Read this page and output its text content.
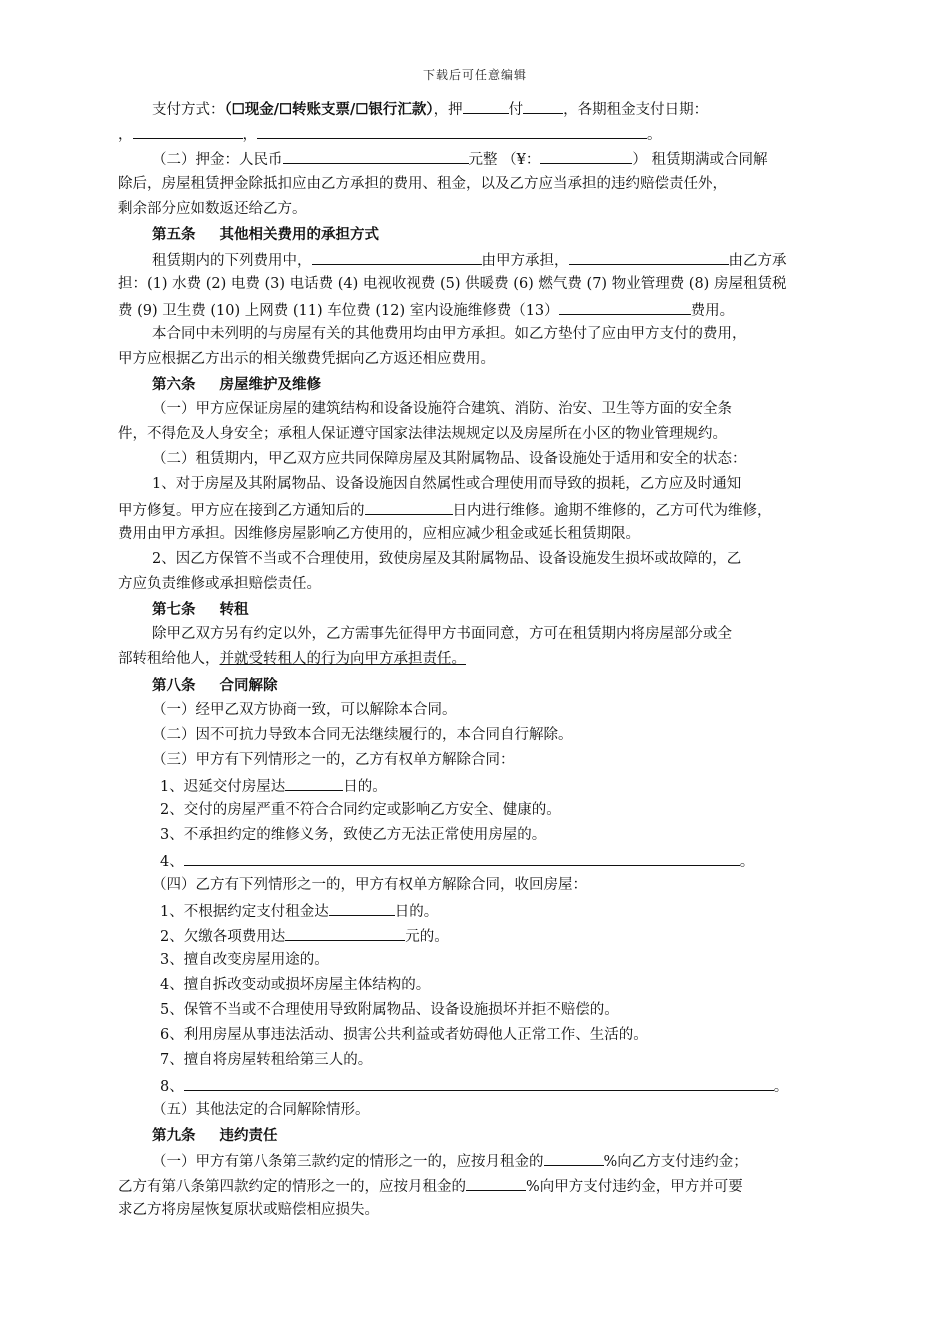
下载后可任意编辑
支付方式：（☐现金/☐转账支票/☐银行汇款），押	付	，各期租金支付日期：
，	，	。
（二）押金：人民币	元整 （¥：	） 租赁期满或合同解
除后，房屋租赁押金除抵扣应由乙方承担的费用、租金，以及乙方应当承担的违约赔偿责任外，
剩余部分应如数返还给乙方。
第五条 其他相关费用的承担方式
租赁期内的下列费用中，	由甲方承担，	由乙方承
担：(1) 水费 (2) 电费 (3) 电话费 (4) 电视收视费 (5) 供暖费 (6) 燃气费 (7) 物业管理费 (8) 房屋租赁税
费 (9) 卫生费 (10) 上网费 (11) 车位费 (12) 室内设施维修费（13）	费用。
本合同中未列明的与房屋有关的其他费用均由甲方承担。如乙方垫付了应由甲方支付的费用，
甲方应根据乙方出示的相关缴费凭据向乙方返还相应费用。
第六条 房屋维护及维修
（一）甲方应保证房屋的建筑结构和设备设施符合建筑、消防、治安、卫生等方面的安全条
件，不得危及人身安全；承租人保证遵守国家法律法规规定以及房屋所在小区的物业管理规约。
（二）租赁期内，甲乙双方应共同保障房屋及其附属物品、设备设施处于适用和安全的状态：
1、对于房屋及其附属物品、设备设施因自然属性或合理使用而导致的损耗，乙方应及时通知
甲方修复。甲方应在接到乙方通知后的	日内进行维修。逾期不维修的，乙方可代为维修，
费用由甲方承担。因维修房屋影响乙方使用的，应相应减少租金或延长租赁期限。
2、因乙方保管不当或不合理使用，致使房屋及其附属物品、设备设施发生损坏或故障的，乙
方应负责维修或承担赔偿责任。
第七条 转租
除甲乙双方另有约定以外，乙方需事先征得甲方书面同意，方可在租赁期内将房屋部分或全
部转租给他人，并就受转租人的行为向甲方承担责任。
第八条 合同解除
（一）经甲乙双方协商一致，可以解除本合同。
（二）因不可抗力导致本合同无法继续履行的，本合同自行解除。
（三）甲方有下列情形之一的，乙方有权单方解除合同：
1、迟延交付房屋达	日的。
2、交付的房屋严重不符合合同约定或影响乙方安全、健康的。
3、不承担约定的维修义务，致使乙方无法正常使用房屋的。
4、	。
（四）乙方有下列情形之一的，甲方有权单方解除合同，收回房屋：
1、不根据约定支付租金达	日的。
2、欠缴各项费用达	元的。
3、擅自改变房屋用途的。
4、擅自拆改变动或损坏房屋主体结构的。
5、保管不当或不合理使用导致附属物品、设备设施损坏并拒不赔偿的。
6、利用房屋从事违法活动、损害公共利益或者妨碍他人正常工作、生活的。
7、擅自将房屋转租给第三人的。
8、	。
（五）其他法定的合同解除情形。
第九条 违约责任
（一）甲方有第八条第三款约定的情形之一的，应按月租金的	%向乙方支付违约金；
乙方有第八条第四款约定的情形之一的，应按月租金的	%向甲方支付违约金，甲方并可要
求乙方将房屋恢复原状或赔偿相应损失。
